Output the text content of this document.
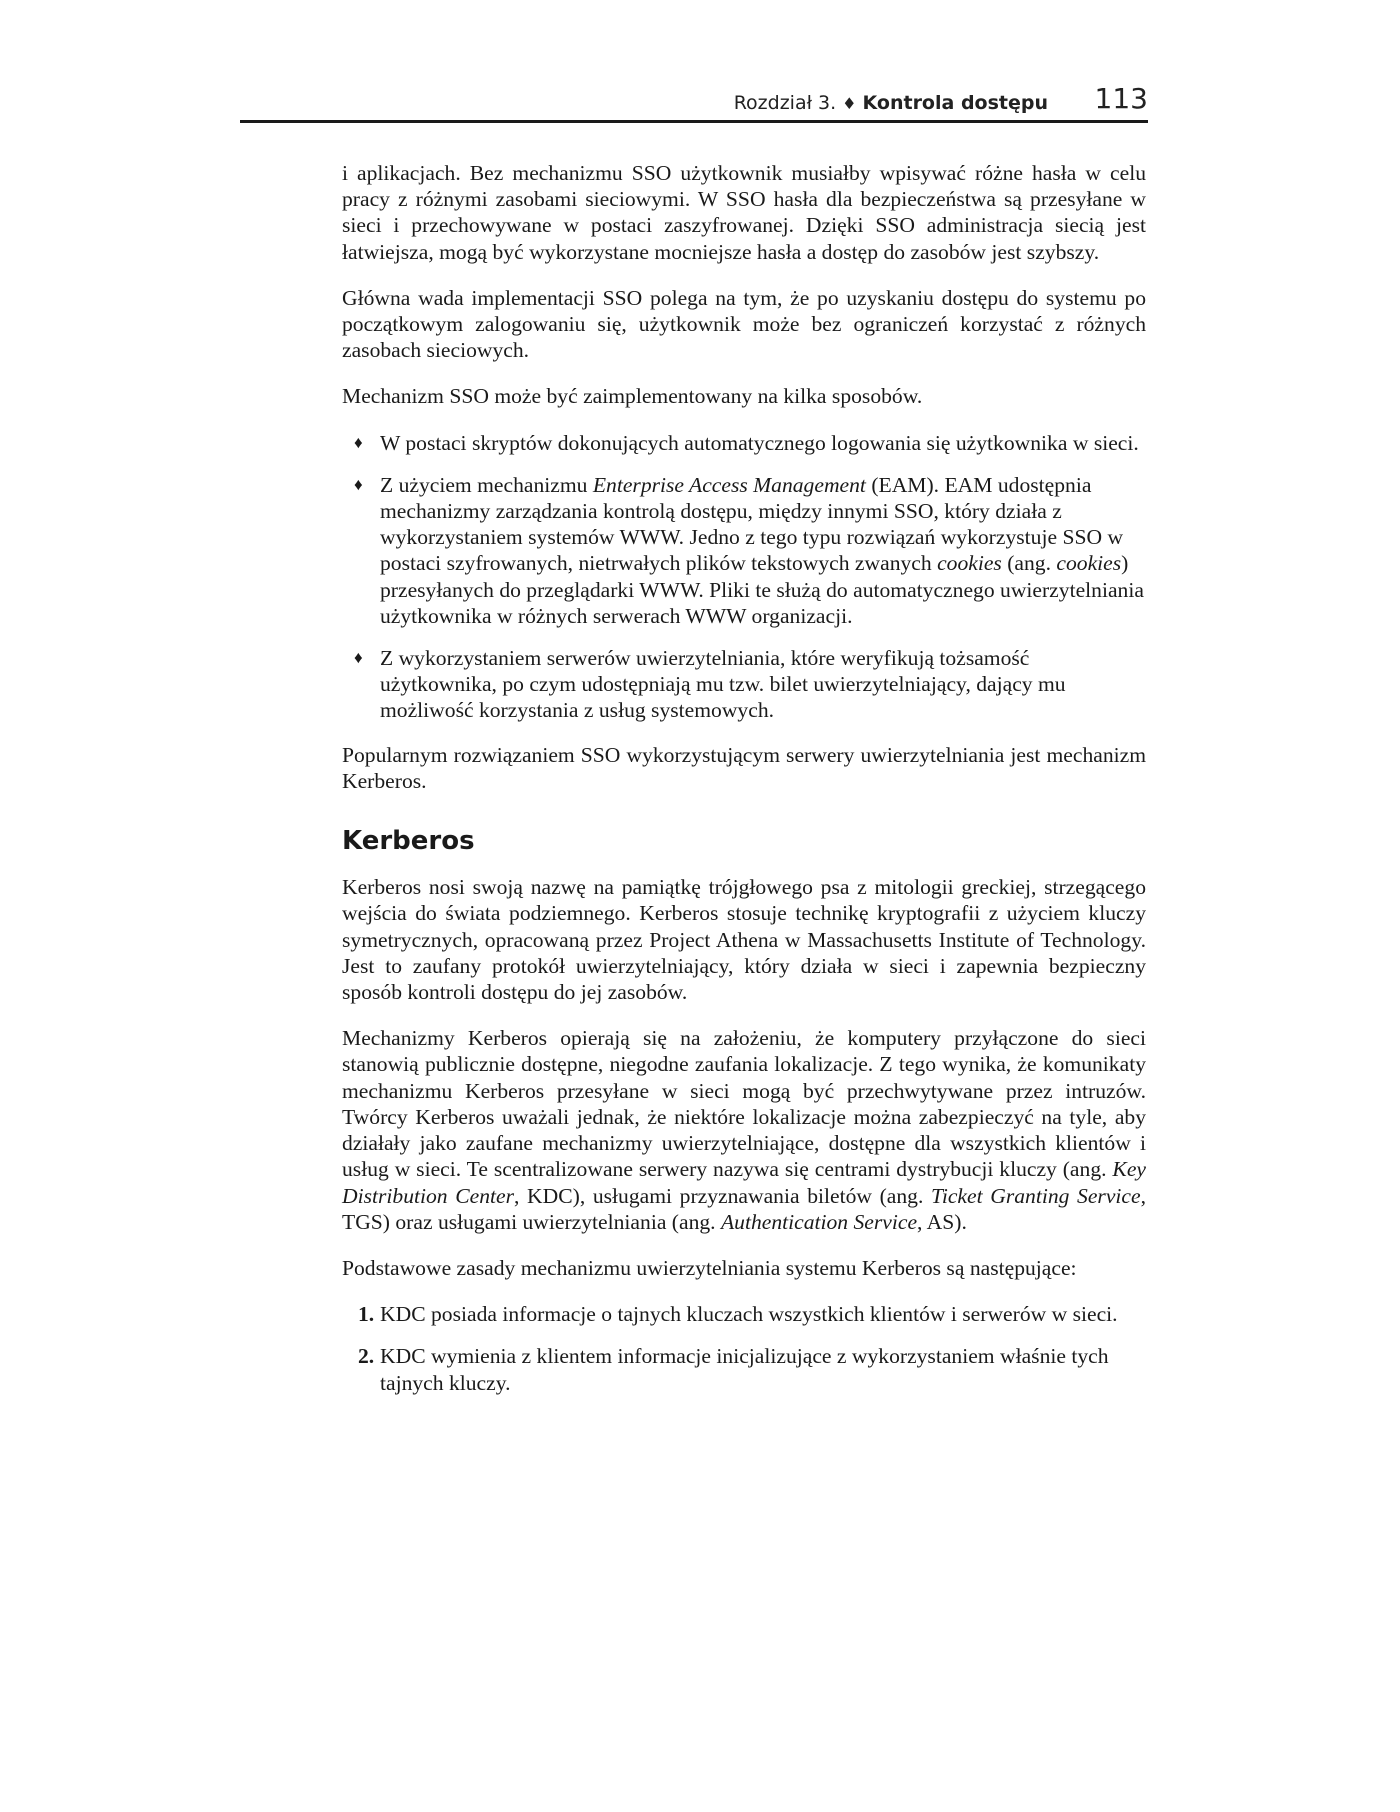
Rozdział 3. ♦ Kontrola dostępu 113

i aplikacjach. Bez mechanizmu SSO użytkownik musiałby wpisywać różne hasła w celu pracy z różnymi zasobami sieciowymi. W SSO hasła dla bezpieczeństwa są przesyłane w sieci i przechowywane w postaci zaszyfrowanej. Dzięki SSO administracja siecią jest łatwiejsza, mogą być wykorzystane mocniejsze hasła a dostęp do zasobów jest szybszy.

Główna wada implementacji SSO polega na tym, że po uzyskaniu dostępu do systemu po początkowym zalogowaniu się, użytkownik może bez ograniczeń korzystać z różnych zasobach sieciowych.

Mechanizm SSO może być zaimplementowany na kilka sposobów.

♦ W postaci skryptów dokonujących automatycznego logowania się użytkownika w sieci.
♦ Z użyciem mechanizmu Enterprise Access Management (EAM). EAM udostępnia mechanizmy zarządzania kontrolą dostępu, między innymi SSO, który działa z wykorzystaniem systemów WWW. Jedno z tego typu rozwiązań wykorzystuje SSO w postaci szyfrowanych, nietrwałych plików tekstowych zwanych cookies (ang. cookies) przesyłanych do przeglądarki WWW. Pliki te służą do automatycznego uwierzytelniania użytkownika w różnych serwerach WWW organizacji.
♦ Z wykorzystaniem serwerów uwierzytelniania, które weryfikują tożsamość użytkownika, po czym udostępniają mu tzw. bilet uwierzytelniający, dający mu możliwość korzystania z usług systemowych.

Popularnym rozwiązaniem SSO wykorzystującym serwery uwierzytelniania jest mechanizm Kerberos.

Kerberos

Kerberos nosi swoją nazwę na pamiątkę trójgłowego psa z mitologii greckiej, strzegącego wejścia do świata podziemnego. Kerberos stosuje technikę kryptografii z użyciem kluczy symetrycznych, opracowaną przez Project Athena w Massachusetts Institute of Technology. Jest to zaufany protokół uwierzytelniający, który działa w sieci i zapewnia bezpieczny sposób kontroli dostępu do jej zasobów.

Mechanizmy Kerberos opierają się na założeniu, że komputery przyłączone do sieci stanowią publicznie dostępne, niegodne zaufania lokalizacje. Z tego wynika, że komunikaty mechanizmu Kerberos przesyłane w sieci mogą być przechwytywane przez intruzów. Twórcy Kerberos uważali jednak, że niektóre lokalizacje można zabezpieczyć na tyle, aby działały jako zaufane mechanizmy uwierzytelniające, dostępne dla wszystkich klientów i usług w sieci. Te scentralizowane serwery nazywa się centrami dystrybucji kluczy (ang. Key Distribution Center, KDC), usługami przyznawania biletów (ang. Ticket Granting Service, TGS) oraz usługami uwierzytelniania (ang. Authentication Service, AS).

Podstawowe zasady mechanizmu uwierzytelniania systemu Kerberos są następujące:

1. KDC posiada informacje o tajnych kluczach wszystkich klientów i serwerów w sieci.
2. KDC wymienia z klientem informacje inicjalizujące z wykorzystaniem właśnie tych tajnych kluczy.
